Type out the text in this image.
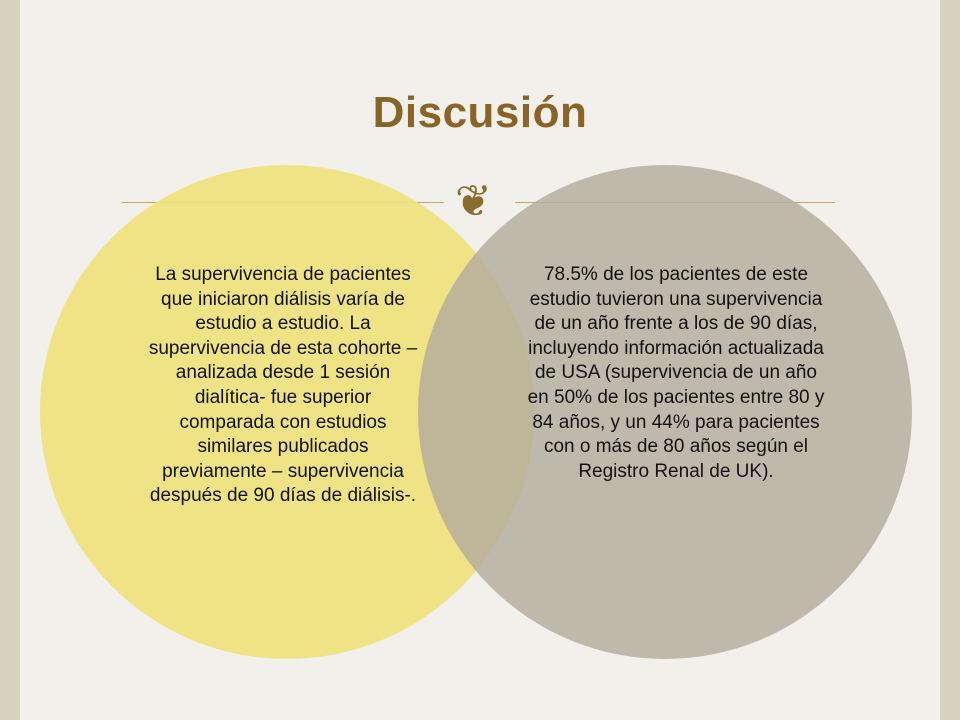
Discusión
❦
La supervivencia de pacientes que iniciaron diálisis varía de estudio a estudio. La supervivencia de esta cohorte – analizada desde 1 sesión dialítica- fue superior comparada con estudios similares publicados previamente – supervivencia después de 90 días de diálisis-.
78.5% de los pacientes de este estudio tuvieron una supervivencia de un año frente a los de 90 días, incluyendo información actualizada de USA (supervivencia de un año en 50% de los pacientes entre 80 y 84 años, y un 44% para pacientes con o más de 80 años según el Registro Renal de UK).
